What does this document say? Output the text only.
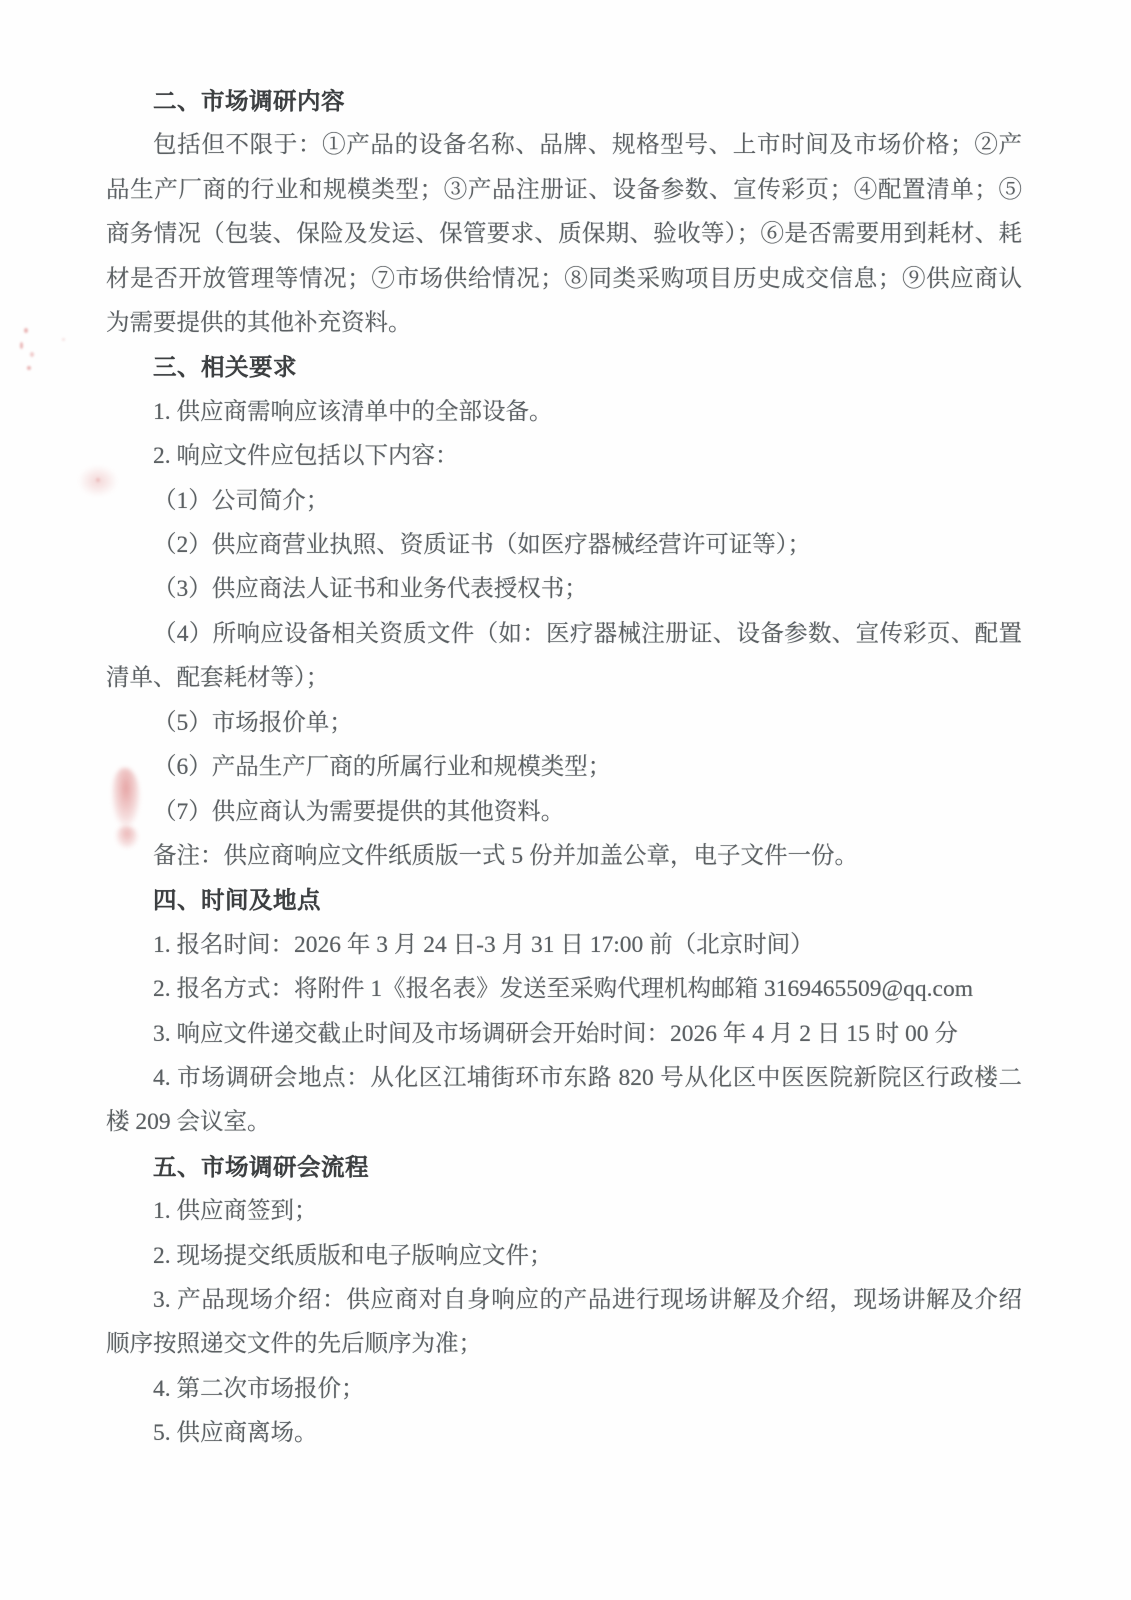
二、市场调研内容

包括但不限于：①产品的设备名称、品牌、规格型号、上市时间及市场价格；②产品生产厂商的行业和规模类型；③产品注册证、设备参数、宣传彩页；④配置清单；⑤商务情况（包装、保险及发运、保管要求、质保期、验收等）；⑥是否需要用到耗材、耗材是否开放管理等情况；⑦市场供给情况；⑧同类采购项目历史成交信息；⑨供应商认为需要提供的其他补充资料。

三、相关要求

1. 供应商需响应该清单中的全部设备。

2. 响应文件应包括以下内容：

（1）公司简介；

（2）供应商营业执照、资质证书（如医疗器械经营许可证等）；

（3）供应商法人证书和业务代表授权书；

（4）所响应设备相关资质文件（如：医疗器械注册证、设备参数、宣传彩页、配置清单、配套耗材等）；

（5）市场报价单；

（6）产品生产厂商的所属行业和规模类型；

（7）供应商认为需要提供的其他资料。

备注：供应商响应文件纸质版一式 5 份并加盖公章，电子文件一份。

四、时间及地点

1. 报名时间：2026 年 3 月 24 日-3 月 31 日 17:00 前（北京时间）

2. 报名方式：将附件 1《报名表》发送至采购代理机构邮箱 3169465509@qq.com

3. 响应文件递交截止时间及市场调研会开始时间：2026 年 4 月 2 日 15 时 00 分

4. 市场调研会地点：从化区江埔街环市东路 820 号从化区中医医院新院区行政楼二楼 209 会议室。

五、市场调研会流程

1. 供应商签到；

2. 现场提交纸质版和电子版响应文件；

3. 产品现场介绍：供应商对自身响应的产品进行现场讲解及介绍，现场讲解及介绍顺序按照递交文件的先后顺序为准；

4. 第二次市场报价；

5. 供应商离场。
